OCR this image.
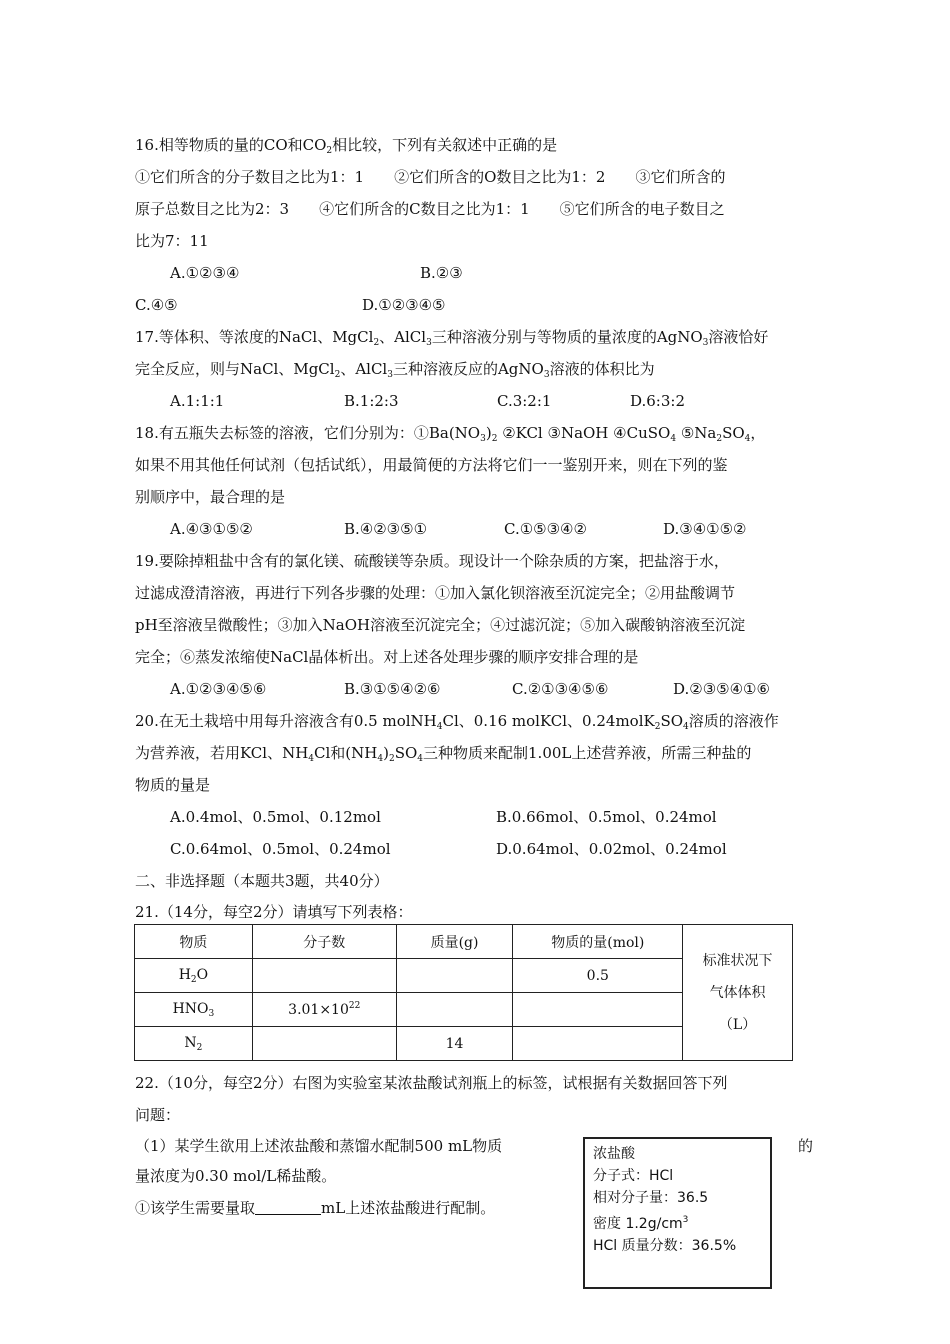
16.相等物质的量的CO和$CO_2$相比较，下列有关叙述中正确的是
①它们所含的分子数目之比为1：1　　②它们所含的O数目之比为1：2　　③它们所含的
原子总数目之比为2：3　　④它们所含的C数目之比为1：1　　⑤它们所含的电子数目之
比为7：11
A.①②③④	B.②③
C.④⑤	D.①②③④⑤
17.等体积、等浓度的NaCl、MgCl$_2$、AlCl$_3$三种溶液分别与等物质的量浓度的AgNO$_3$溶液恰好
完全反应，则与NaCl、MgCl$_2$、AlCl$_3$三种溶液反应的AgNO$_3$溶液的体积比为
A.1:1:1	B.1:2:3	C.3:2:1	D.6:3:2
18.有五瓶失去标签的溶液，它们分别为：$①Ba(NO_3)_2$ ②KCl ③NaOH ④CuSO$_4$ $⑤Na_2SO_4$，
如果不用其他任何试剂（包括试纸），用最简便的方法将它们一一鉴别开来，则在下列的鉴
别顺序中，最合理的是
A.④③①⑤②	B.④②③⑤①	C.①⑤③④②	D.③④①⑤②
19.要除掉粗盐中含有的氯化镁、硫酸镁等杂质。现设计一个除杂质的方案，把盐溶于水，
过滤成澄清溶液，再进行下列各步骤的处理：①加入氯化钡溶液至沉淀完全；②用盐酸调节
pH至溶液呈微酸性；③加入NaOH溶液至沉淀完全；④过滤沉淀；⑤加入碳酸钠溶液至沉淀
完全；⑥蒸发浓缩使NaCl晶体析出。对上述各处理步骤的顺序安排合理的是
A.①②③④⑤⑥	B.③①⑤④②⑥	C.②①③④⑤⑥	D.②③⑤④①⑥
20.在无土栽培中用每升溶液含有0.5 molNH$_4$Cl、0.16 molKCl、$0.24molK_2SO_4$溶质的溶液作
为营养液，若用KCl、$NH_4Cl$和$(NH_4)_2SO_4$三种物质来配制1.00L上述营养液，所需三种盐的
物质的量是
A.0.4mol、0.5mol、0.12mol	B.0.66mol、0.5mol、0.24mol
C.0.64mol、0.5mol、0.24mol	D.0.64mol、0.02mol、0.24mol
二、非选择题（本题共3题，共40分）
21.（14分，每空2分）请填写下列表格：
物质	分子数	质量(g)	物质的量(mol)	标准状况下
气体体积
（L）

$H_2O$			0.5	
$HNO_3$	$3.01\times 10^{22}$		
$N_2$		14		
22.（10分，每空2分）右图为实验室某浓盐酸试剂瓶上的标签，试根据有关数据回答下列
问题：
（1）某学生欲用上述浓盐酸和蒸馏水配制500 mL物质	的
量浓度为0.30 mol/L稀盐酸。
①该学生需要量取	mL上述浓盐酸进行配制。
浓盐酸
分子式：HCl
相对分子量：36.5
密度 $1.2g/cm^3$
HCl 质量分数：36.5%
